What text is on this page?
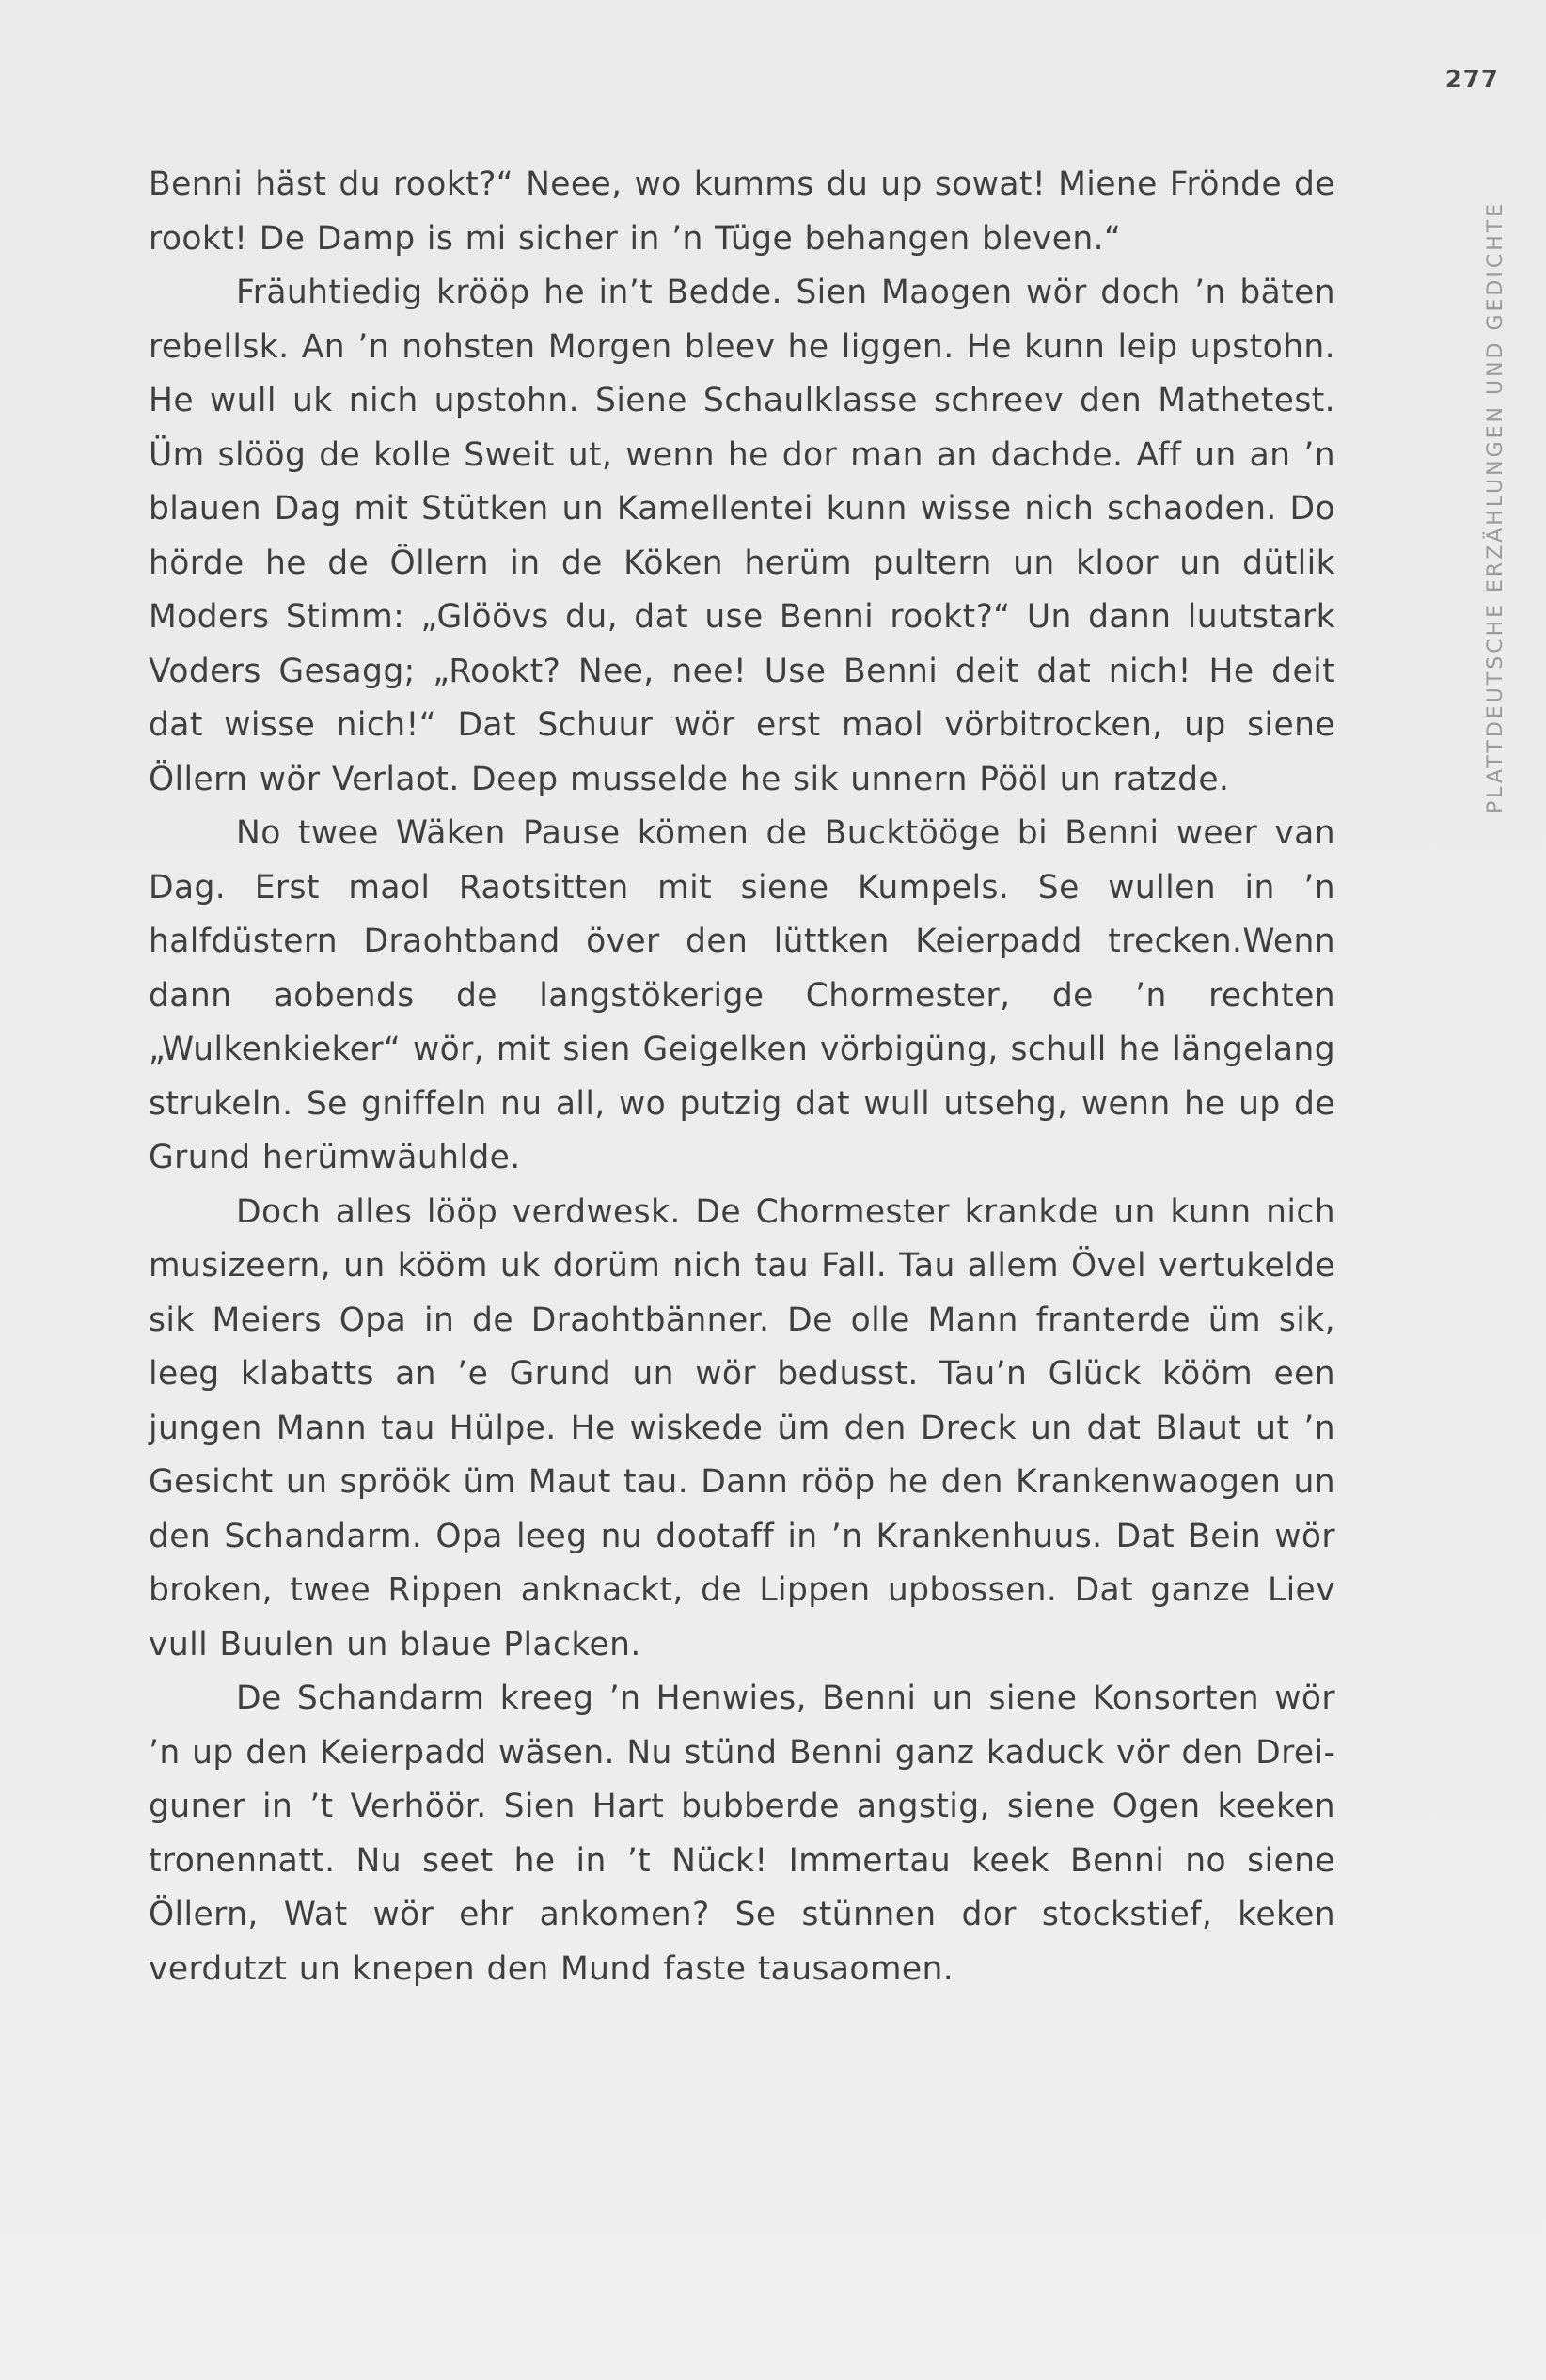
277
PLATTDEUTSCHE ERZÄHLUNGEN UND GEDICHTE

Benni häst du rookt?“ Neee, wo kumms du up sowat! Miene Frönde de rookt! De Damp is mi sicher in ’n Tüge behangen bleven.“

Fräuhtiedig krööp he in’t Bedde. Sien Maogen wör doch ’n bäten rebellsk. An ’n nohsten Morgen bleev he liggen. He kunn leip upstohn. He wull uk nich upstohn. Siene Schaulklasse schreev den Mathetest. Üm slöög de kolle Sweit ut, wenn he dor man an dachde. Aff un an ’n blauen Dag mit Stütken un Kamellentei kunn wisse nich schaoden. Do hörde he de Öllern in de Köken herüm pultern un kloor un dütlik Moders Stimm: „Glöövs du, dat use Benni rookt?“ Un dann luutstark Voders Gesagg; „Rookt? Nee, nee! Use Benni deit dat nich! He deit dat wisse nich!“ Dat Schuur wör erst maol vörbitrocken, up siene Öllern wör Verlaot. Deep musselde he sik unnern Pööl un ratzde.

No twee Wäken Pause kömen de Bucktööge bi Benni weer van Dag. Erst maol Raotsitten mit siene Kumpels. Se wullen in ’n halfdüstern Draohtband över den lüttken Keierpadd trecken.Wenn dann aobends de langstökerige Chormester, de ’n rechten „Wulkenkieker“ wör, mit sien Geigelken vörbigüng, schull he längelang strukeln. Se gniffeln nu all, wo putzig dat wull utsehg, wenn he up de Grund herümwäuhlde.

Doch alles lööp verdwesk. De Chormester krankde un kunn nich musizeern, un kööm uk dorüm nich tau Fall. Tau allem Övel vertukelde sik Meiers Opa in de Draohtbänner. De olle Mann franterde üm sik, leeg klabatts an ’e Grund un wör bedusst. Tau’n Glück kööm een jungen Mann tau Hülpe. He wiskede üm den Dreck un dat Blaut ut ’n Gesicht un spröök üm Maut tau. Dann rööp he den Krankenwaogen un den Schandarm. Opa leeg nu dootaff in ’n Krankenhuus. Dat Bein wör broken, twee Rippen anknackt, de Lippen upbossen. Dat ganze Liev vull Buulen un blaue Placken.

De Schandarm kreeg ’n Henwies, Benni un siene Konsorten wör ’n up den Keierpadd wäsen. Nu stünd Benni ganz kaduck vör den Dreiguner in ’t Verhöör. Sien Hart bubberde angstig, siene Ogen keeken tronennatt. Nu seet he in ’t Nück! Immertau keek Benni no siene Öllern, Wat wör ehr ankomen? Se stünnen dor stockstief, keken verdutzt un knepen den Mund faste tausaomen.
